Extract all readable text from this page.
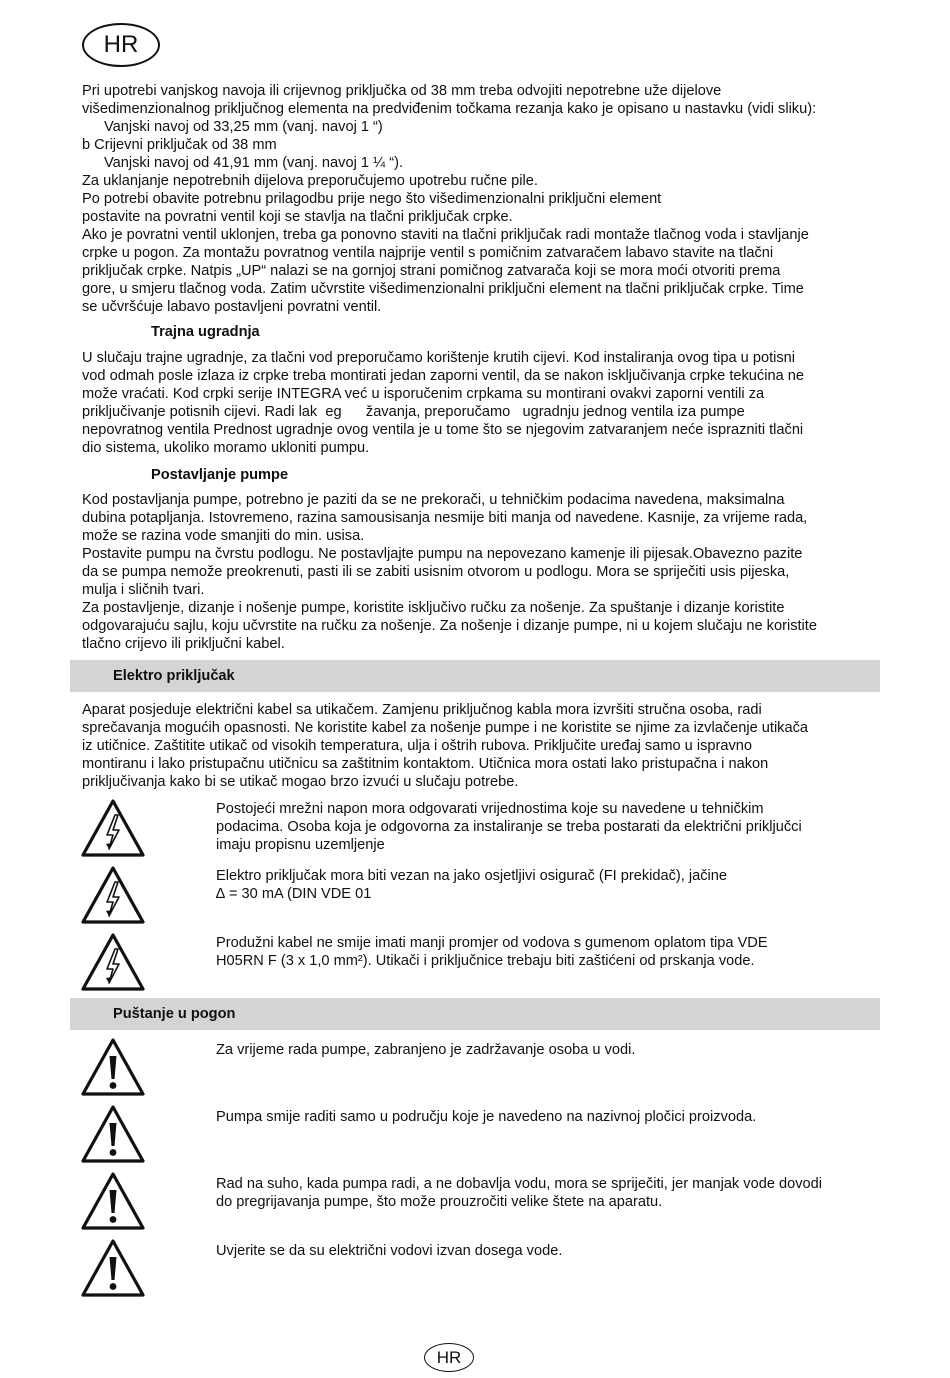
HR
Pri upotrebi vanjskog navoja ili crijevnog priključka od 38 mm treba odvojiti nepotrebne uže dijelove
višedimenzionalnog priključnog elementa na predviđenim točkama rezanja kako je opisano u nastavku (vidi sliku):
Vanjski navoj od 33,25 mm (vanj. navoj 1 “)
b Crijevni priključak od 38 mm
Vanjski navoj od 41,91 mm (vanj. navoj 1 ¼ “).
Za uklanjanje nepotrebnih dijelova preporučujemo upotrebu ručne pile.
Po potrebi obavite potrebnu prilagodbu prije nego što višedimenzionalni priključni element
postavite na povratni ventil koji se stavlja na tlačni priključak crpke.
Ako je povratni ventil uklonjen, treba ga ponovno staviti na tlačni priključak radi montaže tlačnog voda i stavljanje
crpke u pogon. Za montažu povratnog ventila najprije ventil s pomičnim zatvaračem labavo stavite na tlačni
priključak crpke. Natpis „UP“ nalazi se na gornjoj strani pomičnog zatvarača koji se mora moći otvoriti prema
gore, u smjeru tlačnog voda. Zatim učvrstite višedimenzionalni priključni element na tlačni priključak crpke. Time
se učvršćuje labavo postavljeni povratni ventil.
Trajna ugradnja
U slučaju trajne ugradnje, za tlačni vod preporučamo korištenje krutih cijevi. Kod instaliranja ovog tipa u potisni
vod odmah posle izlaza iz crpke treba montirati jedan zaporni ventil, da se nakon isključivanja crpke tekućina ne
može vraćati. Kod crpki serije INTEGRA već u isporučenim crpkama su montirani ovakvi zaporni ventili za
priključivanje potisnih cijevi. Radi lak  eg      žavanja, preporučamo   ugradnju jednog ventila iza pumpe
nepovratnog ventila Prednost ugradnje ovog ventila je u tome što se njegovim zatvaranjem neće isprazniti tlačni
dio sistema, ukoliko moramo ukloniti pumpu.
Postavljanje pumpe
Kod postavljanja pumpe, potrebno je paziti da se ne prekorači, u tehničkim podacima navedena, maksimalna
dubina potapljanja. Istovremeno, razina samousisanja nesmije biti manja od navedene. Kasnije, za vrijeme rada,
može se razina vode smanjiti do min. usisa.
Postavite pumpu na čvrstu podlogu. Ne postavljajte pumpu na nepovezano kamenje ili pijesak.Obavezno pazite
da se pumpa nemože preokrenuti, pasti ili se zabiti usisnim otvorom u podlogu. Mora se spriječiti usis pijeska,
mulja i sličnih tvari.
Za postavljenje, dizanje i nošenje pumpe, koristite isključivo ručku za nošenje. Za spuštanje i dizanje koristite
odgovarajuću sajlu, koju učvrstite na ručku za nošenje. Za nošenje i dizanje pumpe, ni u kojem slučaju ne koristite
tlačno crijevo ili priključni kabel.
Elektro priključak
Aparat posjeduje električni kabel sa utikačem. Zamjenu priključnog kabla mora izvršiti stručna osoba, radi
sprečavanja mogućih opasnosti. Ne koristite kabel za nošenje pumpe i ne koristite se njime za izvlačenje utikača
iz utičnice. Zaštitite utikač od visokih temperatura, ulja i oštrih rubova. Priključite uređaj samo u ispravno
montiranu i lako pristupačnu utičnicu sa zaštitnim kontaktom. Utičnica mora ostati lako pristupačna i nakon
priključivanja kako bi se utikač mogao brzo izvući u slučaju potrebe.
Postojeći mrežni napon mora odgovarati vrijednostima koje su navedene u tehničkim
podacima. Osoba koja je odgovorna za instaliranje se treba postarati da električni priključci
imaju propisnu uzemljenje
Elektro priključak mora biti vezan na jako osjetljivi osigurač (FI prekidač), jačine
∆ = 30 mA (DIN VDE 01
Produžni kabel ne smije imati manji promjer od vodova s gumenom oplatom tipa VDE
H05RN F (3 x 1,0 mm²). Utikači i priključnice trebaju biti zaštićeni od prskanja vode.
Puštanje u pogon
Za vrijeme rada pumpe, zabranjeno je zadržavanje osoba u vodi.
Pumpa smije raditi samo u području koje je navedeno na nazivnoj pločici proizvoda.
Rad na suho, kada pumpa radi, a ne dobavlja vodu, mora se spriječiti, jer manjak vode dovodi
do pregrijavanja pumpe, što može prouzročiti velike štete na aparatu.
Uvjerite se da su električni vodovi izvan dosega vode.
HR
